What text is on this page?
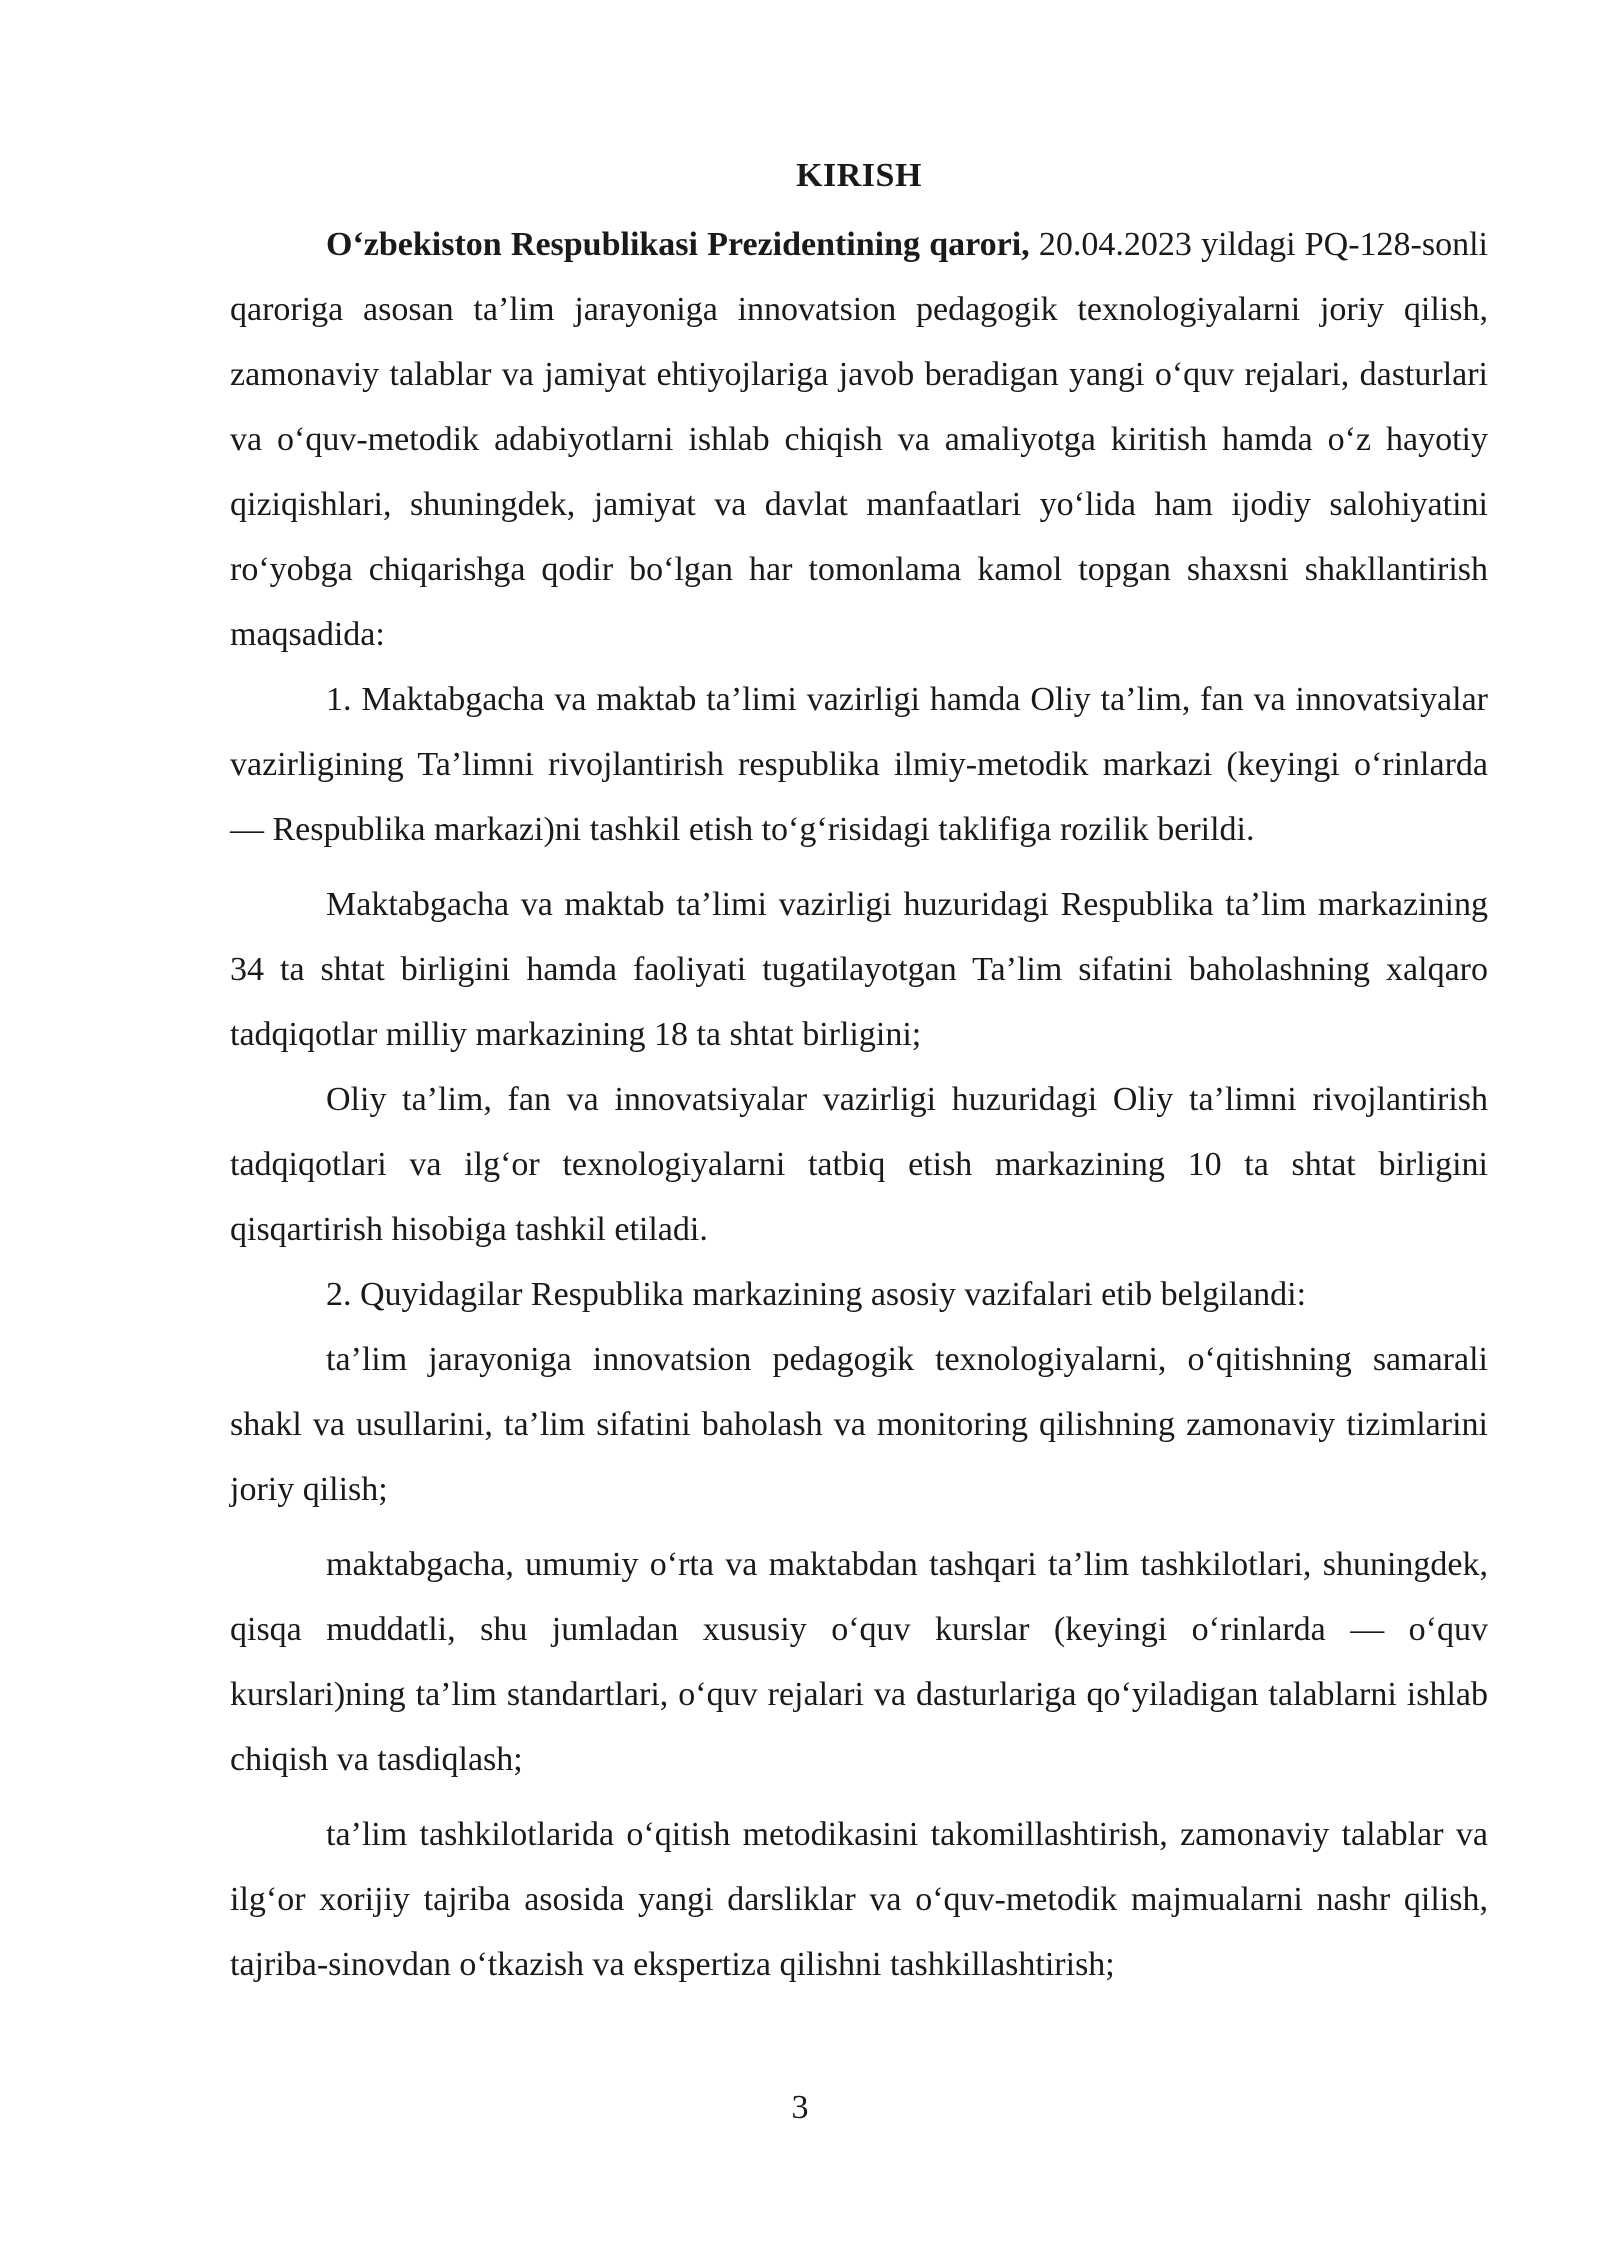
KIRISH

O‘zbekiston Respublikasi Prezidentining qarori, 20.04.2023 yildagi PQ-128-sonli qaroriga asosan ta’lim jarayoniga innovatsion pedagogik texnologiyalarni joriy qilish, zamonaviy talablar va jamiyat ehtiyojlariga javob beradigan yangi o‘quv rejalari, dasturlari va o‘quv-metodik adabiyotlarni ishlab chiqish va amaliyotga kiritish hamda o‘z hayotiy qiziqishlari, shuningdek, jamiyat va davlat manfaatlari yo‘lida ham ijodiy salohiyatini ro‘yobga chiqarishga qodir bo‘lgan har tomonlama kamol topgan shaxsni shakllantirish maqsadida:

1. Maktabgacha va maktab ta’limi vazirligi hamda Oliy ta’lim, fan va innovatsiyalar vazirligining Ta’limni rivojlantirish respublika ilmiy-metodik markazi (keyingi o‘rinlarda — Respublika markazi)ni tashkil etish to‘g‘risidagi taklifiga rozilik berildi.

Maktabgacha va maktab ta’limi vazirligi huzuridagi Respublika ta’lim markazining 34 ta shtat birligini hamda faoliyati tugatilayotgan Ta’lim sifatini baholashning xalqaro tadqiqotlar milliy markazining 18 ta shtat birligini;

Oliy ta’lim, fan va innovatsiyalar vazirligi huzuridagi Oliy ta’limni rivojlantirish tadqiqotlari va ilg‘or texnologiyalarni tatbiq etish markazining 10 ta shtat birligini qisqartirish hisobiga tashkil etiladi.

2. Quyidagilar Respublika markazining asosiy vazifalari etib belgilandi:

ta’lim jarayoniga innovatsion pedagogik texnologiyalarni, o‘qitishning samarali shakl va usullarini, ta’lim sifatini baholash va monitoring qilishning zamonaviy tizimlarini joriy qilish;

maktabgacha, umumiy o‘rta va maktabdan tashqari ta’lim tashkilotlari, shuningdek, qisqa muddatli, shu jumladan xususiy o‘quv kurslar (keyingi o‘rinlarda — o‘quv kurslari)ning ta’lim standartlari, o‘quv rejalari va dasturlariga qo‘yiladigan talablarni ishlab chiqish va tasdiqlash;

ta’lim tashkilotlarida o‘qitish metodikasini takomillashtirish, zamonaviy talablar va ilg‘or xorijiy tajriba asosida yangi darsliklar va o‘quv-metodik majmualarni nashr qilish, tajriba-sinovdan o‘tkazish va ekspertiza qilishni tashkillashtirish;

3
